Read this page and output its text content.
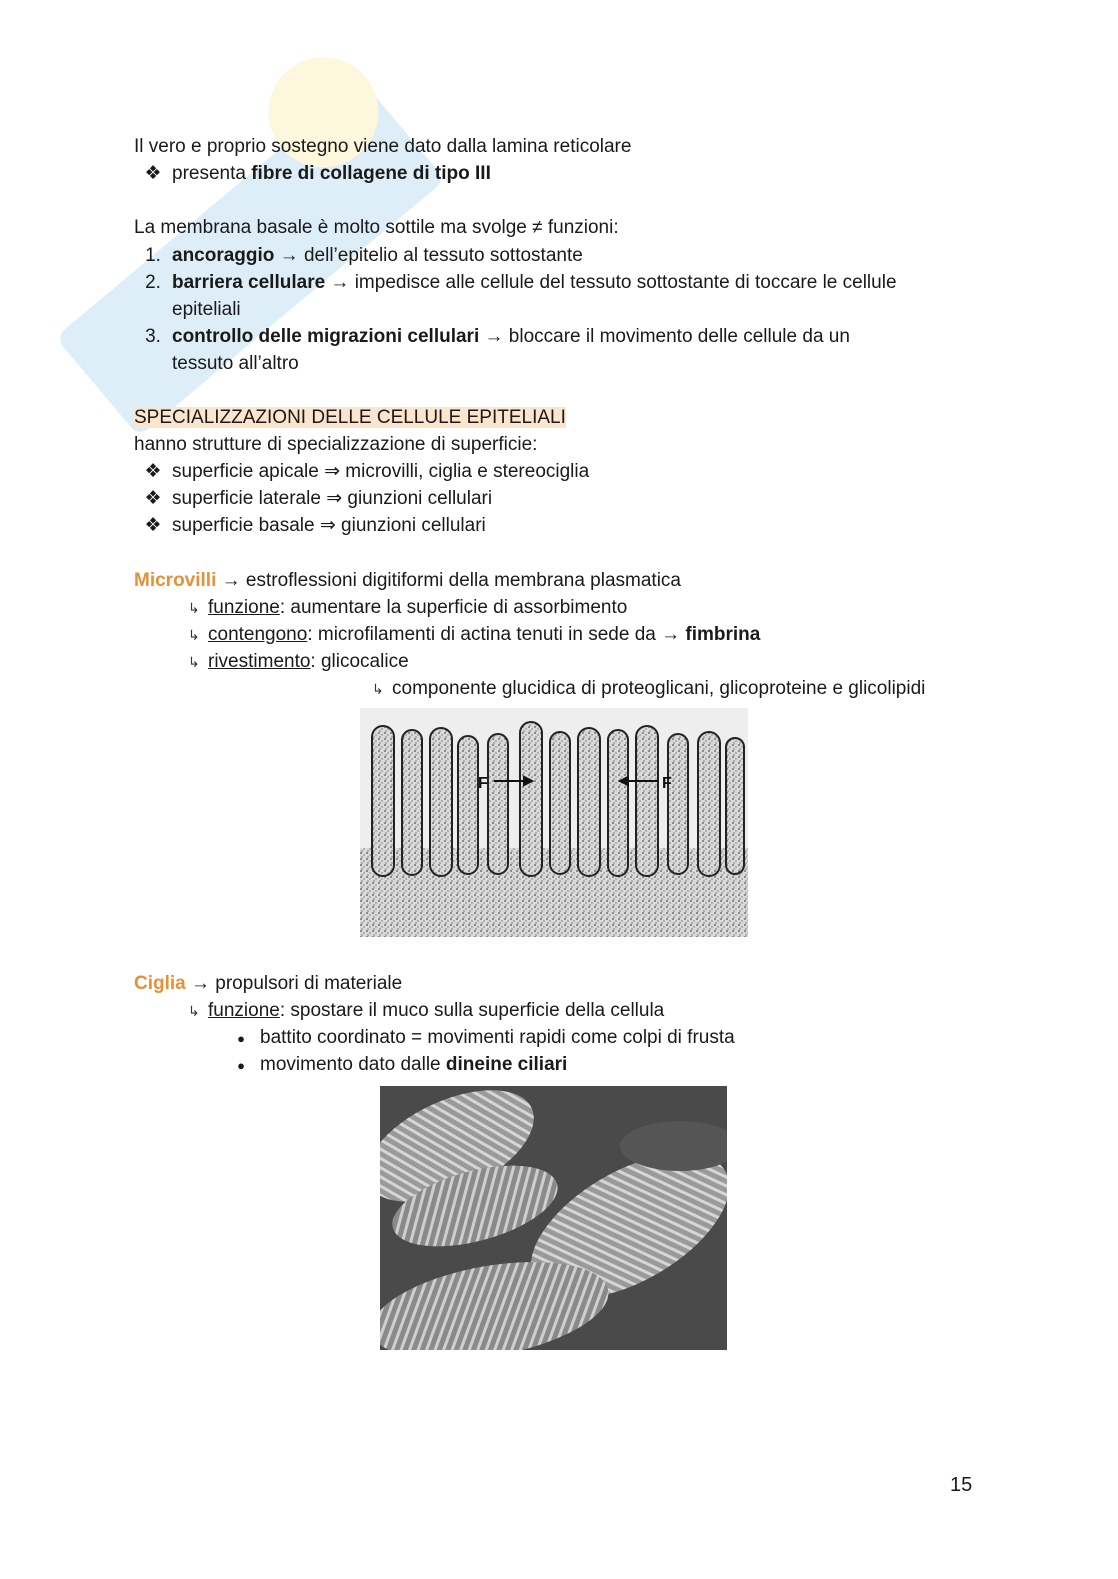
Il vero e proprio sostegno viene dato dalla lamina reticolare
❖ presenta fibre di collagene di tipo III
La membrana basale è molto sottile ma svolge ≠ funzioni:
1. ancoraggio → dell’epitelio al tessuto sottostante
2. barriera cellulare → impedisce alle cellule del tessuto sottostante di toccare le cellule
epiteliali
3. controllo delle migrazioni cellulari → bloccare il movimento delle cellule da un
tessuto all’altro
SPECIALIZZAZIONI DELLE CELLULE EPITELIALI
hanno strutture di specializzazione di superficie:
❖ superficie apicale ⇒ microvilli, ciglia e stereociglia
❖ superficie laterale ⇒ giunzioni cellulari
❖ superficie basale ⇒ giunzioni cellulari
Microvilli → estroflessioni digitiformi della membrana plasmatica
↳ funzione: aumentare la superficie di assorbimento
↳ contengono: microfilamenti di actina tenuti in sede da → fimbrina
↳ rivestimento: glicocalice
↳ componente glucidica di proteoglicani, glicoproteine e glicolipidi
F	F
Ciglia → propulsori di materiale
↳ funzione: spostare il muco sulla superficie della cellula
● battito coordinato = movimenti rapidi come colpi di frusta
● movimento dato dalle dineine ciliari
15
